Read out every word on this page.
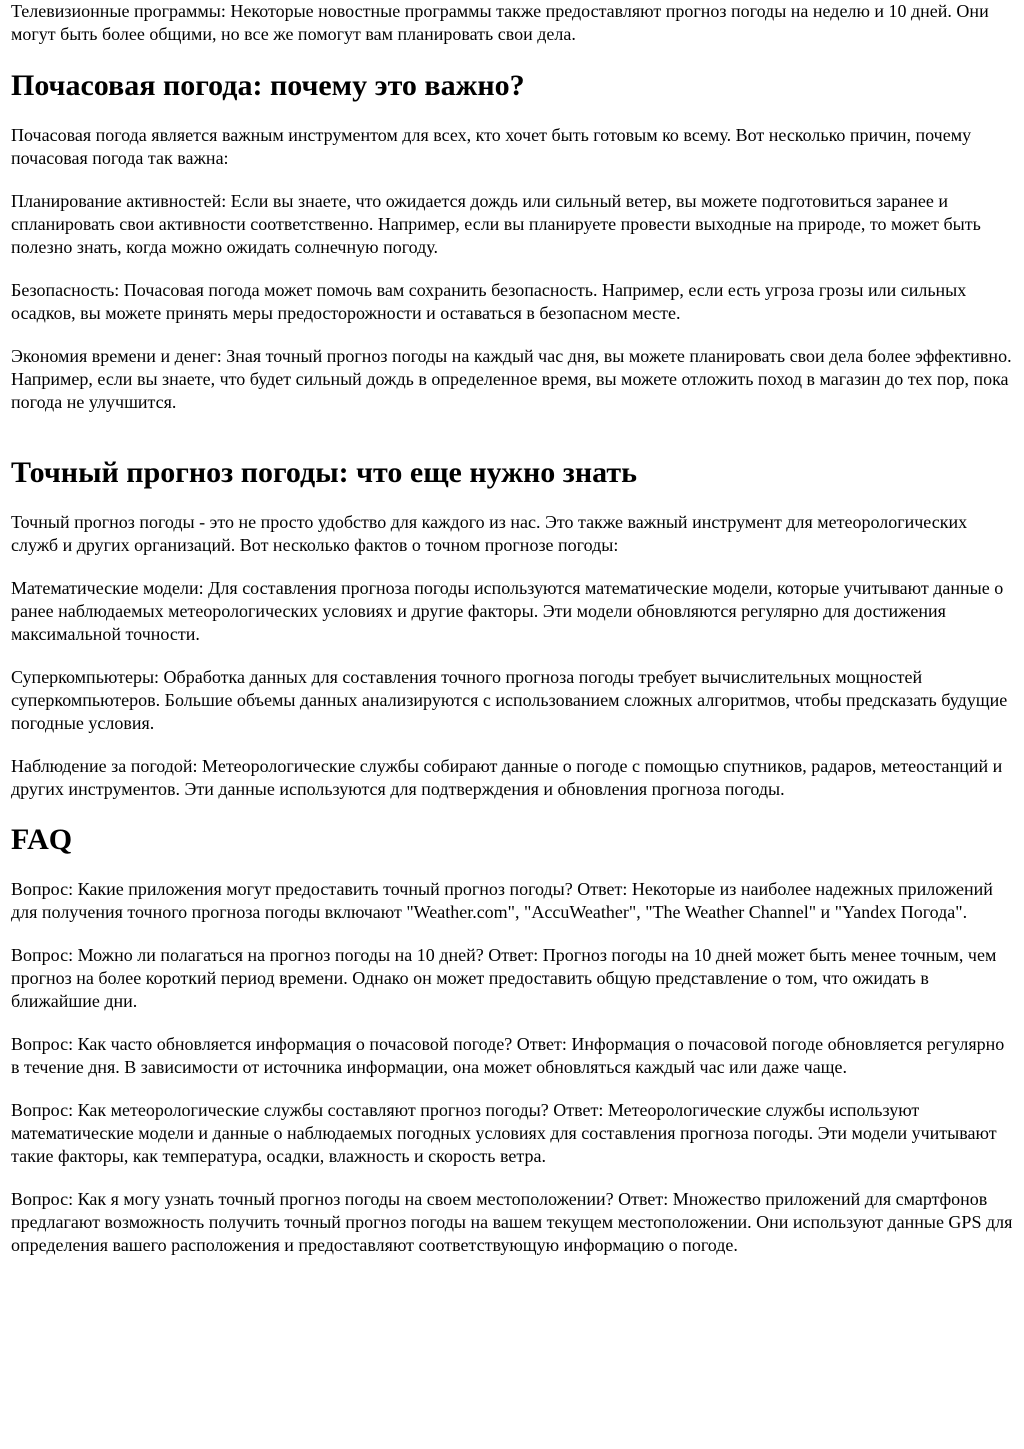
Телевизионные программы: Некоторые новостные программы также предоставляют прогноз погоды на неделю и 10 дней. Они могут быть более общими, но все же помогут вам планировать свои дела.

Почасовая погода: почему это важно?

Почасовая погода является важным инструментом для всех, кто хочет быть готовым ко всему. Вот несколько причин, почему почасовая погода так важна:

Планирование активностей: Если вы знаете, что ожидается дождь или сильный ветер, вы можете подготовиться заранее и спланировать свои активности соответственно. Например, если вы планируете провести выходные на природе, то может быть полезно знать, когда можно ожидать солнечную погоду.

Безопасность: Почасовая погода может помочь вам сохранить безопасность. Например, если есть угроза грозы или сильных осадков, вы можете принять меры предосторожности и оставаться в безопасном месте.

Экономия времени и денег: Зная точный прогноз погоды на каждый час дня, вы можете планировать свои дела более эффективно. Например, если вы знаете, что будет сильный дождь в определенное время, вы можете отложить поход в магазин до тех пор, пока погода не улучшится.

Точный прогноз погоды: что еще нужно знать

Точный прогноз погоды - это не просто удобство для каждого из нас. Это также важный инструмент для метеорологических служб и других организаций. Вот несколько фактов о точном прогнозе погоды:

Математические модели: Для составления прогноза погоды используются математические модели, которые учитывают данные о ранее наблюдаемых метеорологических условиях и другие факторы. Эти модели обновляются регулярно для достижения максимальной точности.

Суперкомпьютеры: Обработка данных для составления точного прогноза погоды требует вычислительных мощностей суперкомпьютеров. Большие объемы данных анализируются с использованием сложных алгоритмов, чтобы предсказать будущие погодные условия.

Наблюдение за погодой: Метеорологические службы собирают данные о погоде с помощью спутников, радаров, метеостанций и других инструментов. Эти данные используются для подтверждения и обновления прогноза погоды.

FAQ

Вопрос: Какие приложения могут предоставить точный прогноз погоды? Ответ: Некоторые из наиболее надежных приложений для получения точного прогноза погоды включают "Weather.com", "AccuWeather", "The Weather Channel" и "Yandex Погода".

Вопрос: Можно ли полагаться на прогноз погоды на 10 дней? Ответ: Прогноз погоды на 10 дней может быть менее точным, чем прогноз на более короткий период времени. Однако он может предоставить общую представление о том, что ожидать в ближайшие дни.

Вопрос: Как часто обновляется информация о почасовой погоде? Ответ: Информация о почасовой погоде обновляется регулярно в течение дня. В зависимости от источника информации, она может обновляться каждый час или даже чаще.

Вопрос: Как метеорологические службы составляют прогноз погоды? Ответ: Метеорологические службы используют математические модели и данные о наблюдаемых погодных условиях для составления прогноза погоды. Эти модели учитывают такие факторы, как температура, осадки, влажность и скорость ветра.

Вопрос: Как я могу узнать точный прогноз погоды на своем местоположении? Ответ: Множество приложений для смартфонов предлагают возможность получить точный прогноз погоды на вашем текущем местоположении. Они используют данные GPS для определения вашего расположения и предоставляют соответствующую информацию о погоде.
